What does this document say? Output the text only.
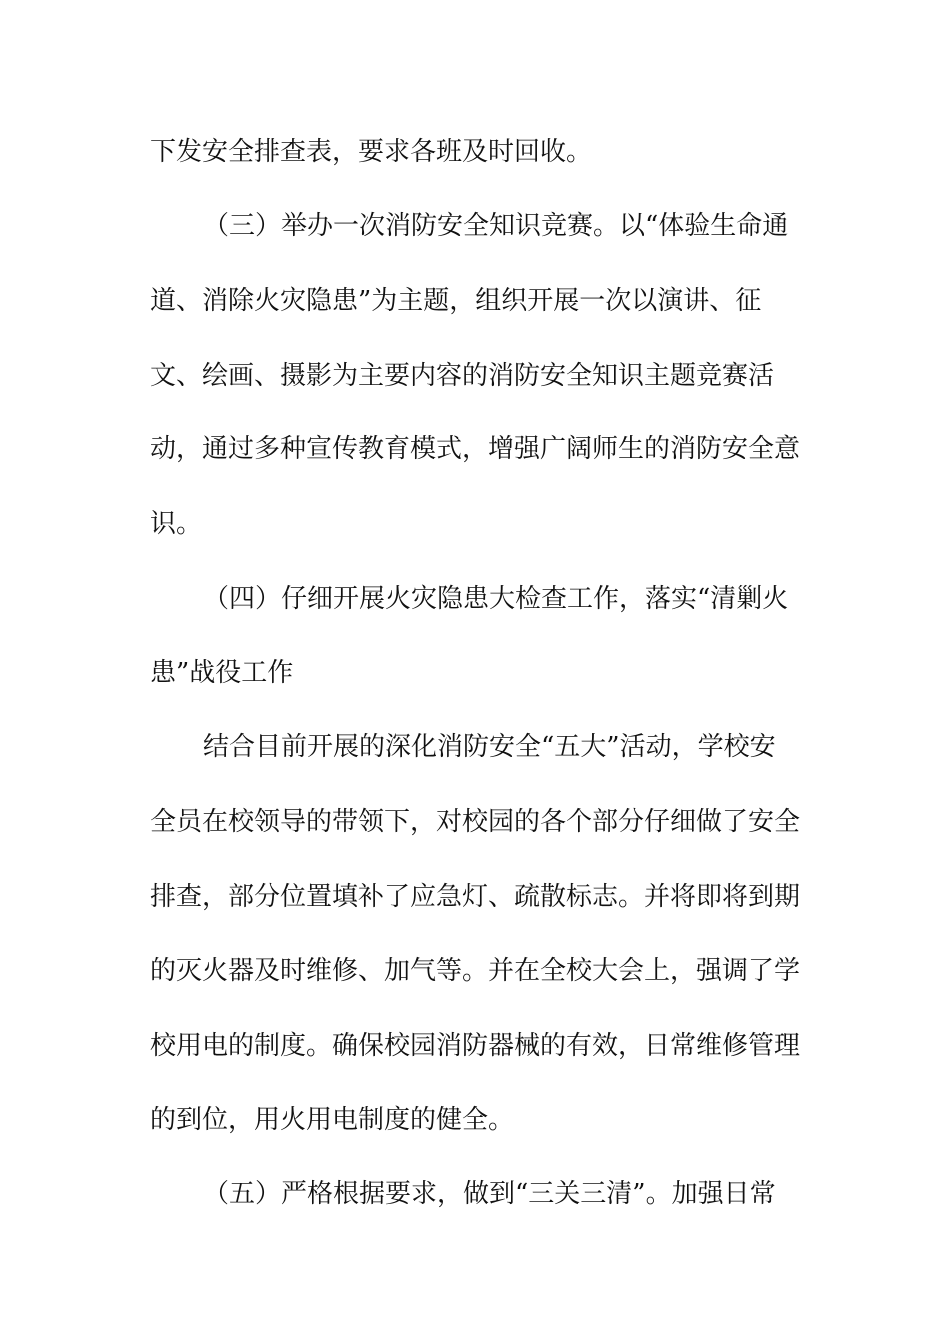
下发安全排查表，要求各班及时回收。
（三）举办一次消防安全知识竞赛。以“体验生命通
道、消除火灾隐患”为主题，组织开展一次以演讲、征
文、绘画、摄影为主要内容的消防安全知识主题竞赛活
动，通过多种宣传教育模式，增强广阔师生的消防安全意
识。
（四）仔细开展火灾隐患大检查工作，落实“清剿火
患”战役工作
结合目前开展的深化消防安全“五大”活动，学校安
全员在校领导的带领下，对校园的各个部分仔细做了安全
排查，部分位置填补了应急灯、疏散标志。并将即将到期
的灭火器及时维修、加气等。并在全校大会上，强调了学
校用电的制度。确保校园消防器械的有效，日常维修管理
的到位，用火用电制度的健全。
（五）严格根据要求，做到“三关三清”。加强日常
